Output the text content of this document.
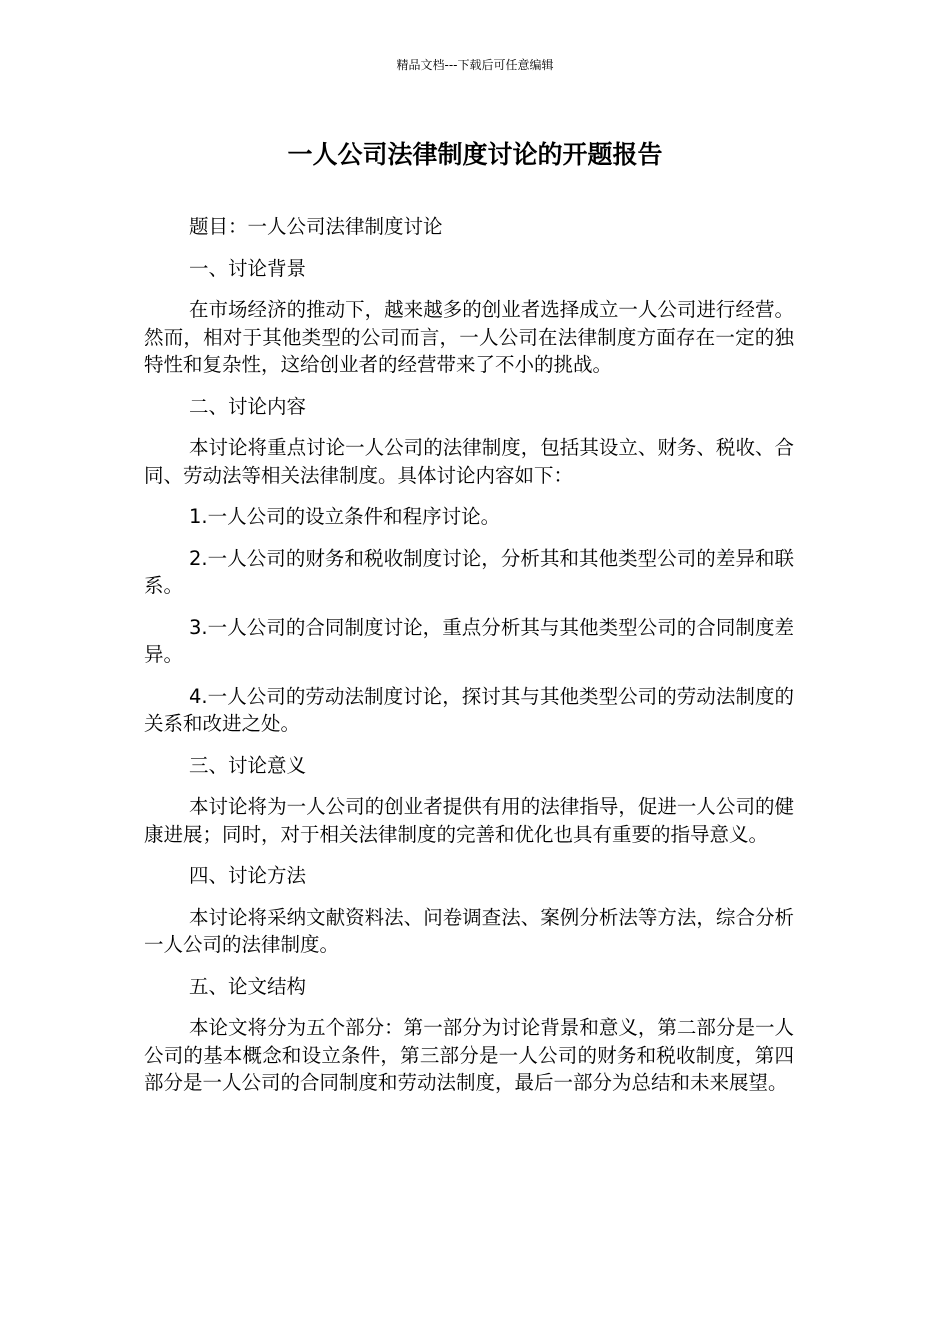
精品文档---下载后可任意编辑
一人公司法律制度讨论的开题报告

题目：一人公司法律制度讨论

一、讨论背景

在市场经济的推动下，越来越多的创业者选择成立一人公司进行经营。然而，相对于其他类型的公司而言，一人公司在法律制度方面存在一定的独特性和复杂性，这给创业者的经营带来了不小的挑战。

二、讨论内容

本讨论将重点讨论一人公司的法律制度，包括其设立、财务、税收、合同、劳动法等相关法律制度。具体讨论内容如下：

1.一人公司的设立条件和程序讨论。

2.一人公司的财务和税收制度讨论，分析其和其他类型公司的差异和联系。

3.一人公司的合同制度讨论，重点分析其与其他类型公司的合同制度差异。

4.一人公司的劳动法制度讨论，探讨其与其他类型公司的劳动法制度的关系和改进之处。

三、讨论意义

本讨论将为一人公司的创业者提供有用的法律指导，促进一人公司的健康进展；同时，对于相关法律制度的完善和优化也具有重要的指导意义。

四、讨论方法

本讨论将采纳文献资料法、问卷调查法、案例分析法等方法，综合分析一人公司的法律制度。

五、论文结构

本论文将分为五个部分：第一部分为讨论背景和意义，第二部分是一人公司的基本概念和设立条件，第三部分是一人公司的财务和税收制度，第四部分是一人公司的合同制度和劳动法制度，最后一部分为总结和未来展望。
